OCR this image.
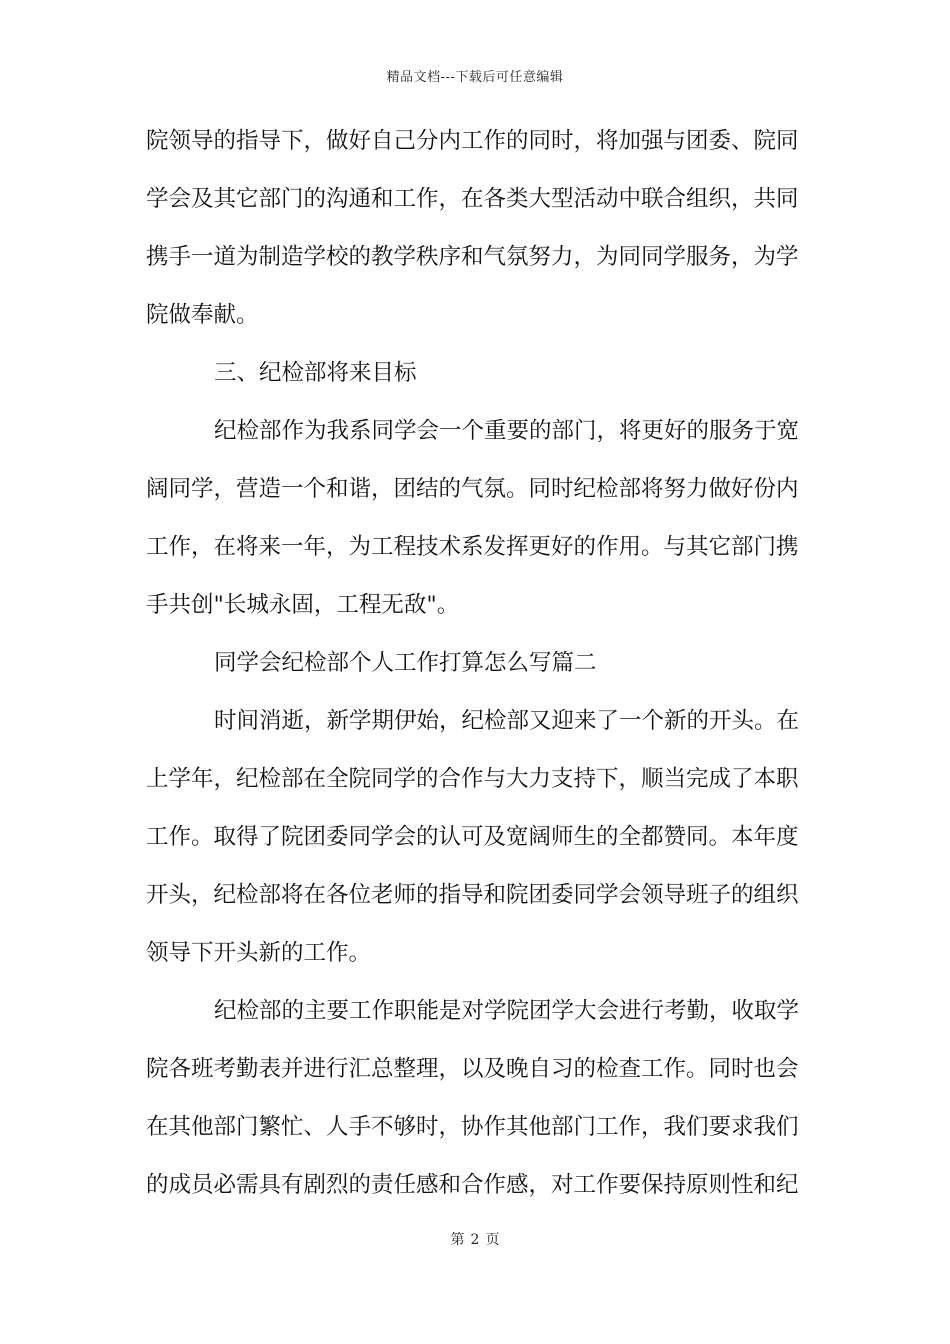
精品文档---下载后可任意编辑
院领导的指导下，做好自己分内工作的同时，将加强与团委、院同
学会及其它部门的沟通和工作，在各类大型活动中联合组织，共同
携手一道为制造学校的教学秩序和气氛努力，为同同学服务，为学
院做奉献。
三、纪检部将来目标
纪检部作为我系同学会一个重要的部门，将更好的服务于宽
阔同学，营造一个和谐，团结的气氛。同时纪检部将努力做好份内
工作，在将来一年，为工程技术系发挥更好的作用。与其它部门携
手共创"长城永固，工程无敌"。
同学会纪检部个人工作打算怎么写篇二
时间消逝，新学期伊始，纪检部又迎来了一个新的开头。在
上学年，纪检部在全院同学的合作与大力支持下，顺当完成了本职
工作。取得了院团委同学会的认可及宽阔师生的全都赞同。本年度
开头，纪检部将在各位老师的指导和院团委同学会领导班子的组织
领导下开头新的工作。
纪检部的主要工作职能是对学院团学大会进行考勤，收取学
院各班考勤表并进行汇总整理，以及晚自习的检查工作。同时也会
在其他部门繁忙、人手不够时，协作其他部门工作，我们要求我们
的成员必需具有剧烈的责任感和合作感，对工作要保持原则性和纪
第 2 页
